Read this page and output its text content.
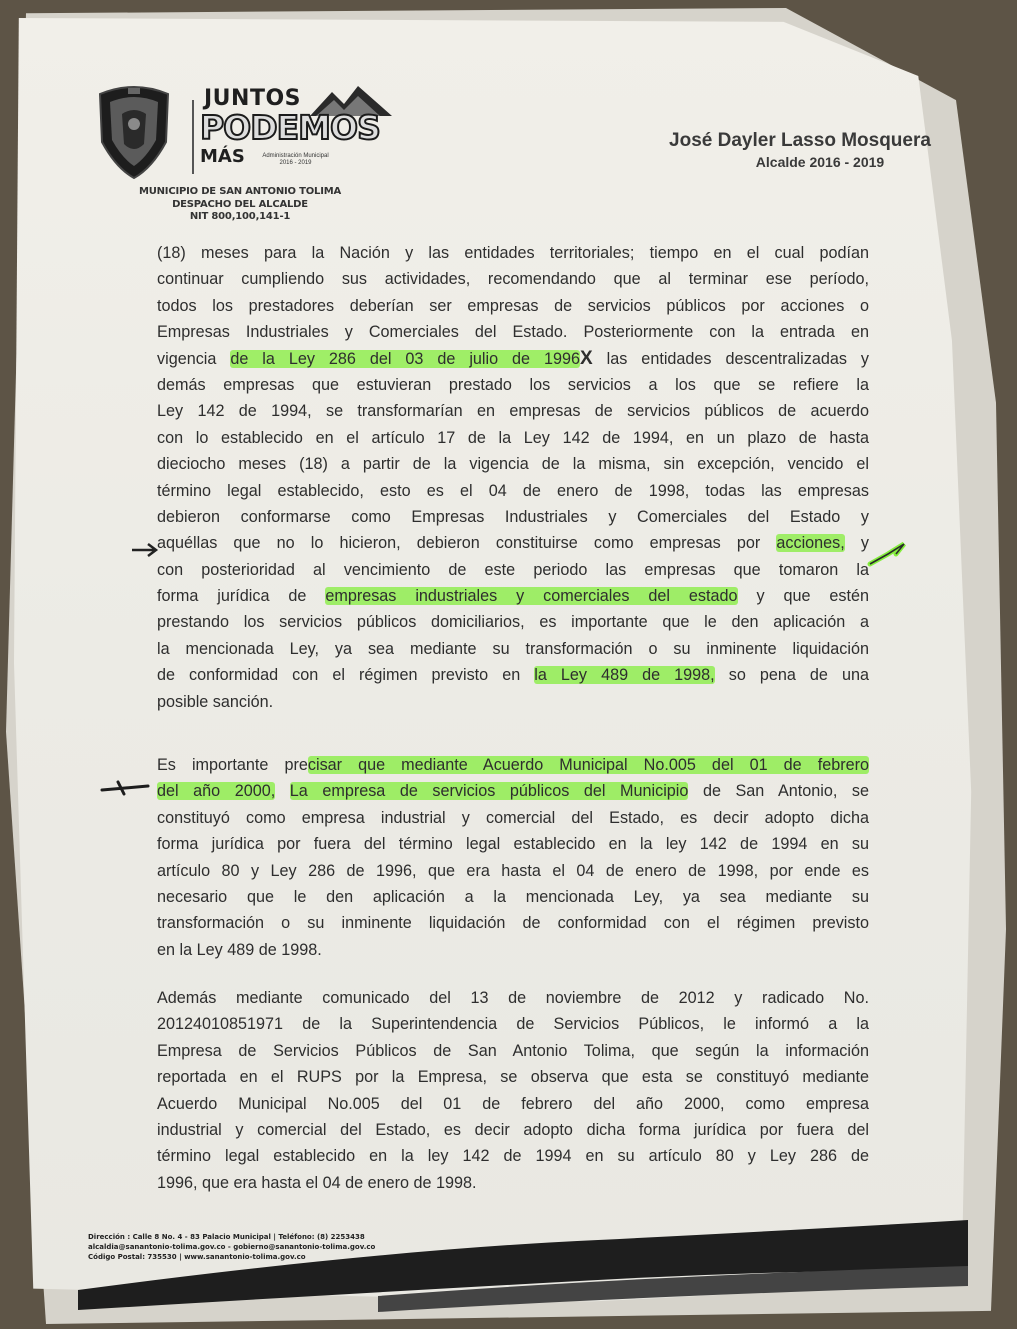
JUNTOS
PODEMOS
MÁS	Administración Municipal
2016 - 2019
MUNICIPIO DE SAN ANTONIO TOLIMA
DESPACHO DEL ALCALDE
NIT 800,100,141-1
José Dayler Lasso Mosquera
Alcalde 2016 - 2019
(18) meses para la Nación y las entidades territoriales; tiempo en el cual podían
continuar cumpliendo sus actividades, recomendando que al terminar ese período,
todos los prestadores deberían ser empresas de servicios públicos por acciones o
Empresas Industriales y Comerciales del Estado. Posteriormente con la entrada en
vigencia de la Ley 286 del 03 de julio de 1996X las entidades descentralizadas y
demás empresas que estuvieran prestado los servicios a los que se refiere la
Ley 142 de 1994, se transformarían en empresas de servicios públicos de acuerdo
con lo establecido en el artículo 17 de la Ley 142 de 1994, en un plazo de hasta
dieciocho meses (18) a partir de la vigencia de la misma, sin excepción, vencido el
término legal establecido, esto es el 04 de enero de 1998, todas las empresas
debieron conformarse como Empresas Industriales y Comerciales del Estado y
aquéllas que no lo hicieron, debieron constituirse como empresas por acciones, y
con posterioridad al vencimiento de este periodo las empresas que tomaron la
forma jurídica de empresas industriales y comerciales del estado y que estén
prestando los servicios públicos domiciliarios, es importante que le den aplicación a
la mencionada Ley, ya sea mediante su transformación o su inminente liquidación
de conformidad con el régimen previsto en la Ley 489 de 1998, so pena de una
posible sanción.
Es importante precisar que mediante Acuerdo Municipal No.005 del 01 de febrero
del año 2000, La empresa de servicios públicos del Municipio de San Antonio, se
constituyó como empresa industrial y comercial del Estado, es decir adopto dicha
forma jurídica por fuera del término legal establecido en la ley 142 de 1994 en su
artículo 80 y Ley 286 de 1996, que era hasta el 04 de enero de 1998, por ende es
necesario que le den aplicación a la mencionada Ley, ya sea mediante su
transformación o su inminente liquidación de conformidad con el régimen previsto
en la Ley 489 de 1998.
Además mediante comunicado del 13 de noviembre de 2012 y radicado No.
20124010851971 de la Superintendencia de Servicios Públicos, le informó a la
Empresa de Servicios Públicos de San Antonio Tolima, que según la información
reportada en el RUPS por la Empresa, se observa que esta se constituyó mediante
Acuerdo Municipal No.005 del 01 de febrero del año 2000, como empresa
industrial y comercial del Estado, es decir adopto dicha forma jurídica por fuera del
término legal establecido en la ley 142 de 1994 en su artículo 80 y Ley 286 de
1996, que era hasta el 04 de enero de 1998.
Dirección : Calle 8 No. 4 - 83 Palacio Municipal | Teléfono: (8) 2253438
alcaldia@sanantonio-tolima.gov.co - gobierno@sanantonio-tolima.gov.co
Código Postal: 735530 | www.sanantonio-tolima.gov.co
